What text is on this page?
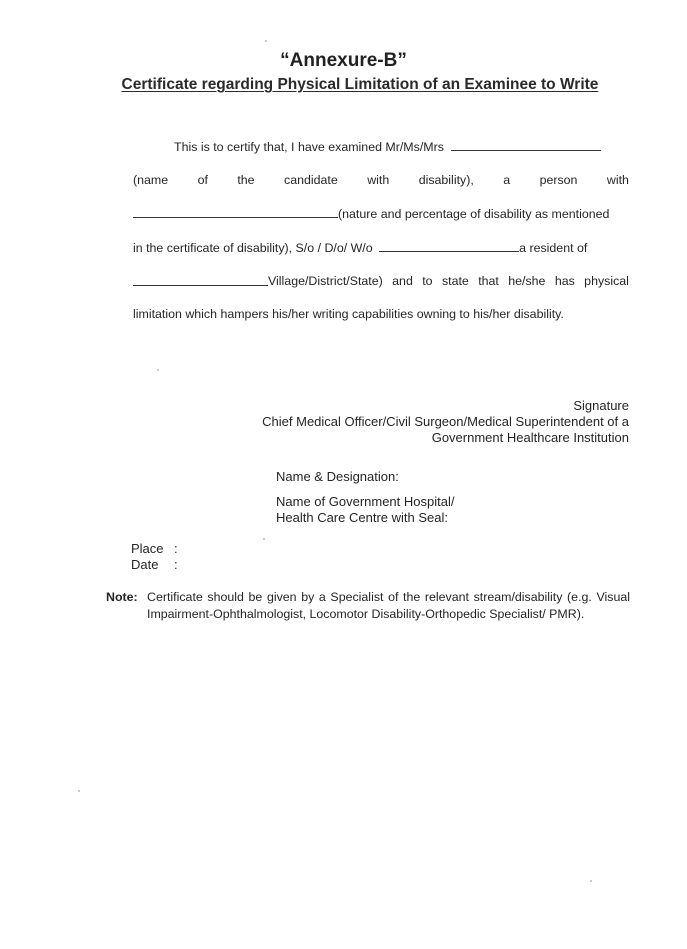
“Annexure-B”
Certificate regarding Physical Limitation of an Examinee to Write
This is to certify that, I have examined Mr/Ms/Mrs
(name of the candidate with disability), a person with
(nature and percentage of disability as mentioned
in the certificate of disability), S/o / D/o/ W/o	a resident of
Village/District/State) and to state that he/she has physical
limitation which hampers his/her writing capabilities owning to his/her disability.
Signature
Chief Medical Officer/Civil Surgeon/Medical Superintendent of a
Government Healthcare Institution
Name & Designation:
Name of Government Hospital/
Health Care Centre with Seal:
Place :
Date :
Note: Certificate should be given by a Specialist of the relevant stream/disability (e.g. Visual Impairment-Ophthalmologist, Locomotor Disability-Orthopedic Specialist/ PMR).
